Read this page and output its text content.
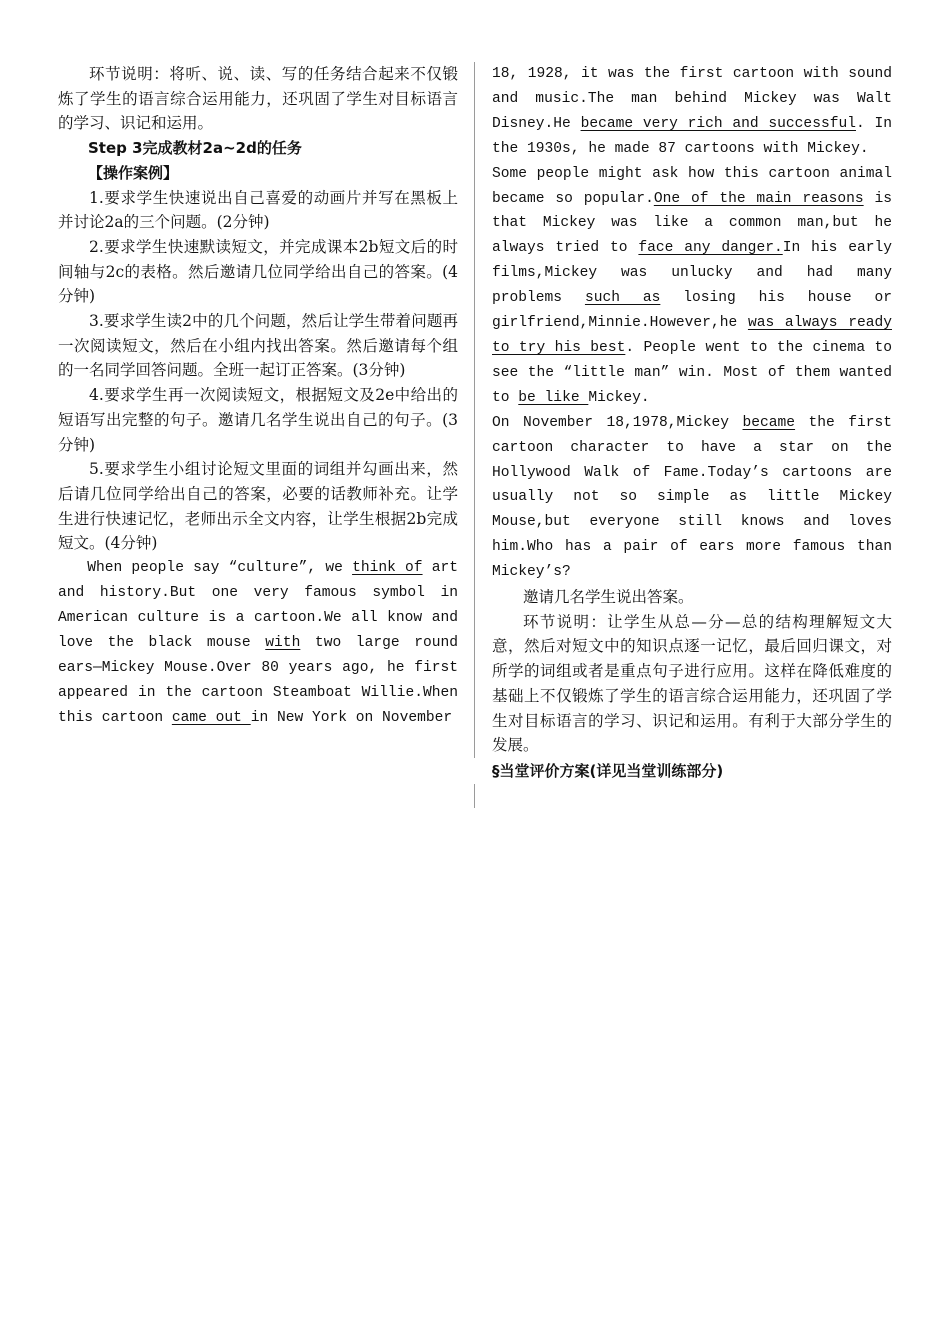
环节说明：将听、说、读、写的任务结合起来不仅锻炼了学生的语言综合运用能力，还巩固了学生对目标语言的学习、识记和运用。

Step 3完成教材2a~2d的任务

【操作案例】

1.要求学生快速说出自己喜爱的动画片并写在黑板上并讨论2a的三个问题。(2分钟)

2.要求学生快速默读短文，并完成课本2b短文后的时间轴与2c的表格。然后邀请几位同学给出自己的答案。(4分钟)

3.要求学生读2中的几个问题，然后让学生带着问题再一次阅读短文，然后在小组内找出答案。然后邀请每个组的一名同学回答问题。全班一起订正答案。(3分钟)

4.要求学生再一次阅读短文，根据短文及2e中给出的短语写出完整的句子。邀请几名学生说出自己的句子。(3分钟)

5.要求学生小组讨论短文里面的词组并勾画出来，然后请几位同学给出自己的答案，必要的话教师补充。让学生进行快速记忆，老师出示全文内容，让学生根据2b完成短文。(4分钟)

When people say “culture”, we think of art and history.But one very famous symbol in American culture is a cartoon.We all know and love the black mouse with two large round ears—Mickey Mouse.Over 80 years ago, he first appeared in the cartoon Steamboat Willie.When this cartoon came out in New York on November

18, 1928, it was the first cartoon with sound and music.The man behind Mickey was Walt Disney.He became very rich and successful. In the 1930s, he made 87 cartoons with Mickey.

Some people might ask how this cartoon animal became so popular.One of the main reasons is that Mickey was like a common man,but he always tried to face any danger.In his early films,Mickey was unlucky and had many problems such as losing his house or girlfriend,Minnie.However,he was always ready to try his best. People went to the cinema to see the “little man” win. Most of them wanted to be like Mickey.

On November 18,1978,Mickey became the first cartoon character to have a star on the Hollywood Walk of Fame.Today’s cartoons are usually not so simple as little Mickey Mouse,but everyone still knows and loves him.Who has a pair of ears more famous than Mickey’s?

邀请几名学生说出答案。

环节说明：让学生从总—分—总的结构理解短文大意，然后对短文中的知识点逐一记忆，最后回归课文，对所学的词组或者是重点句子进行应用。这样在降低难度的基础上不仅锻炼了学生的语言综合运用能力，还巩固了学生对目标语言的学习、识记和运用。有利于大部分学生的发展。

§当堂评价方案(详见当堂训练部分)
